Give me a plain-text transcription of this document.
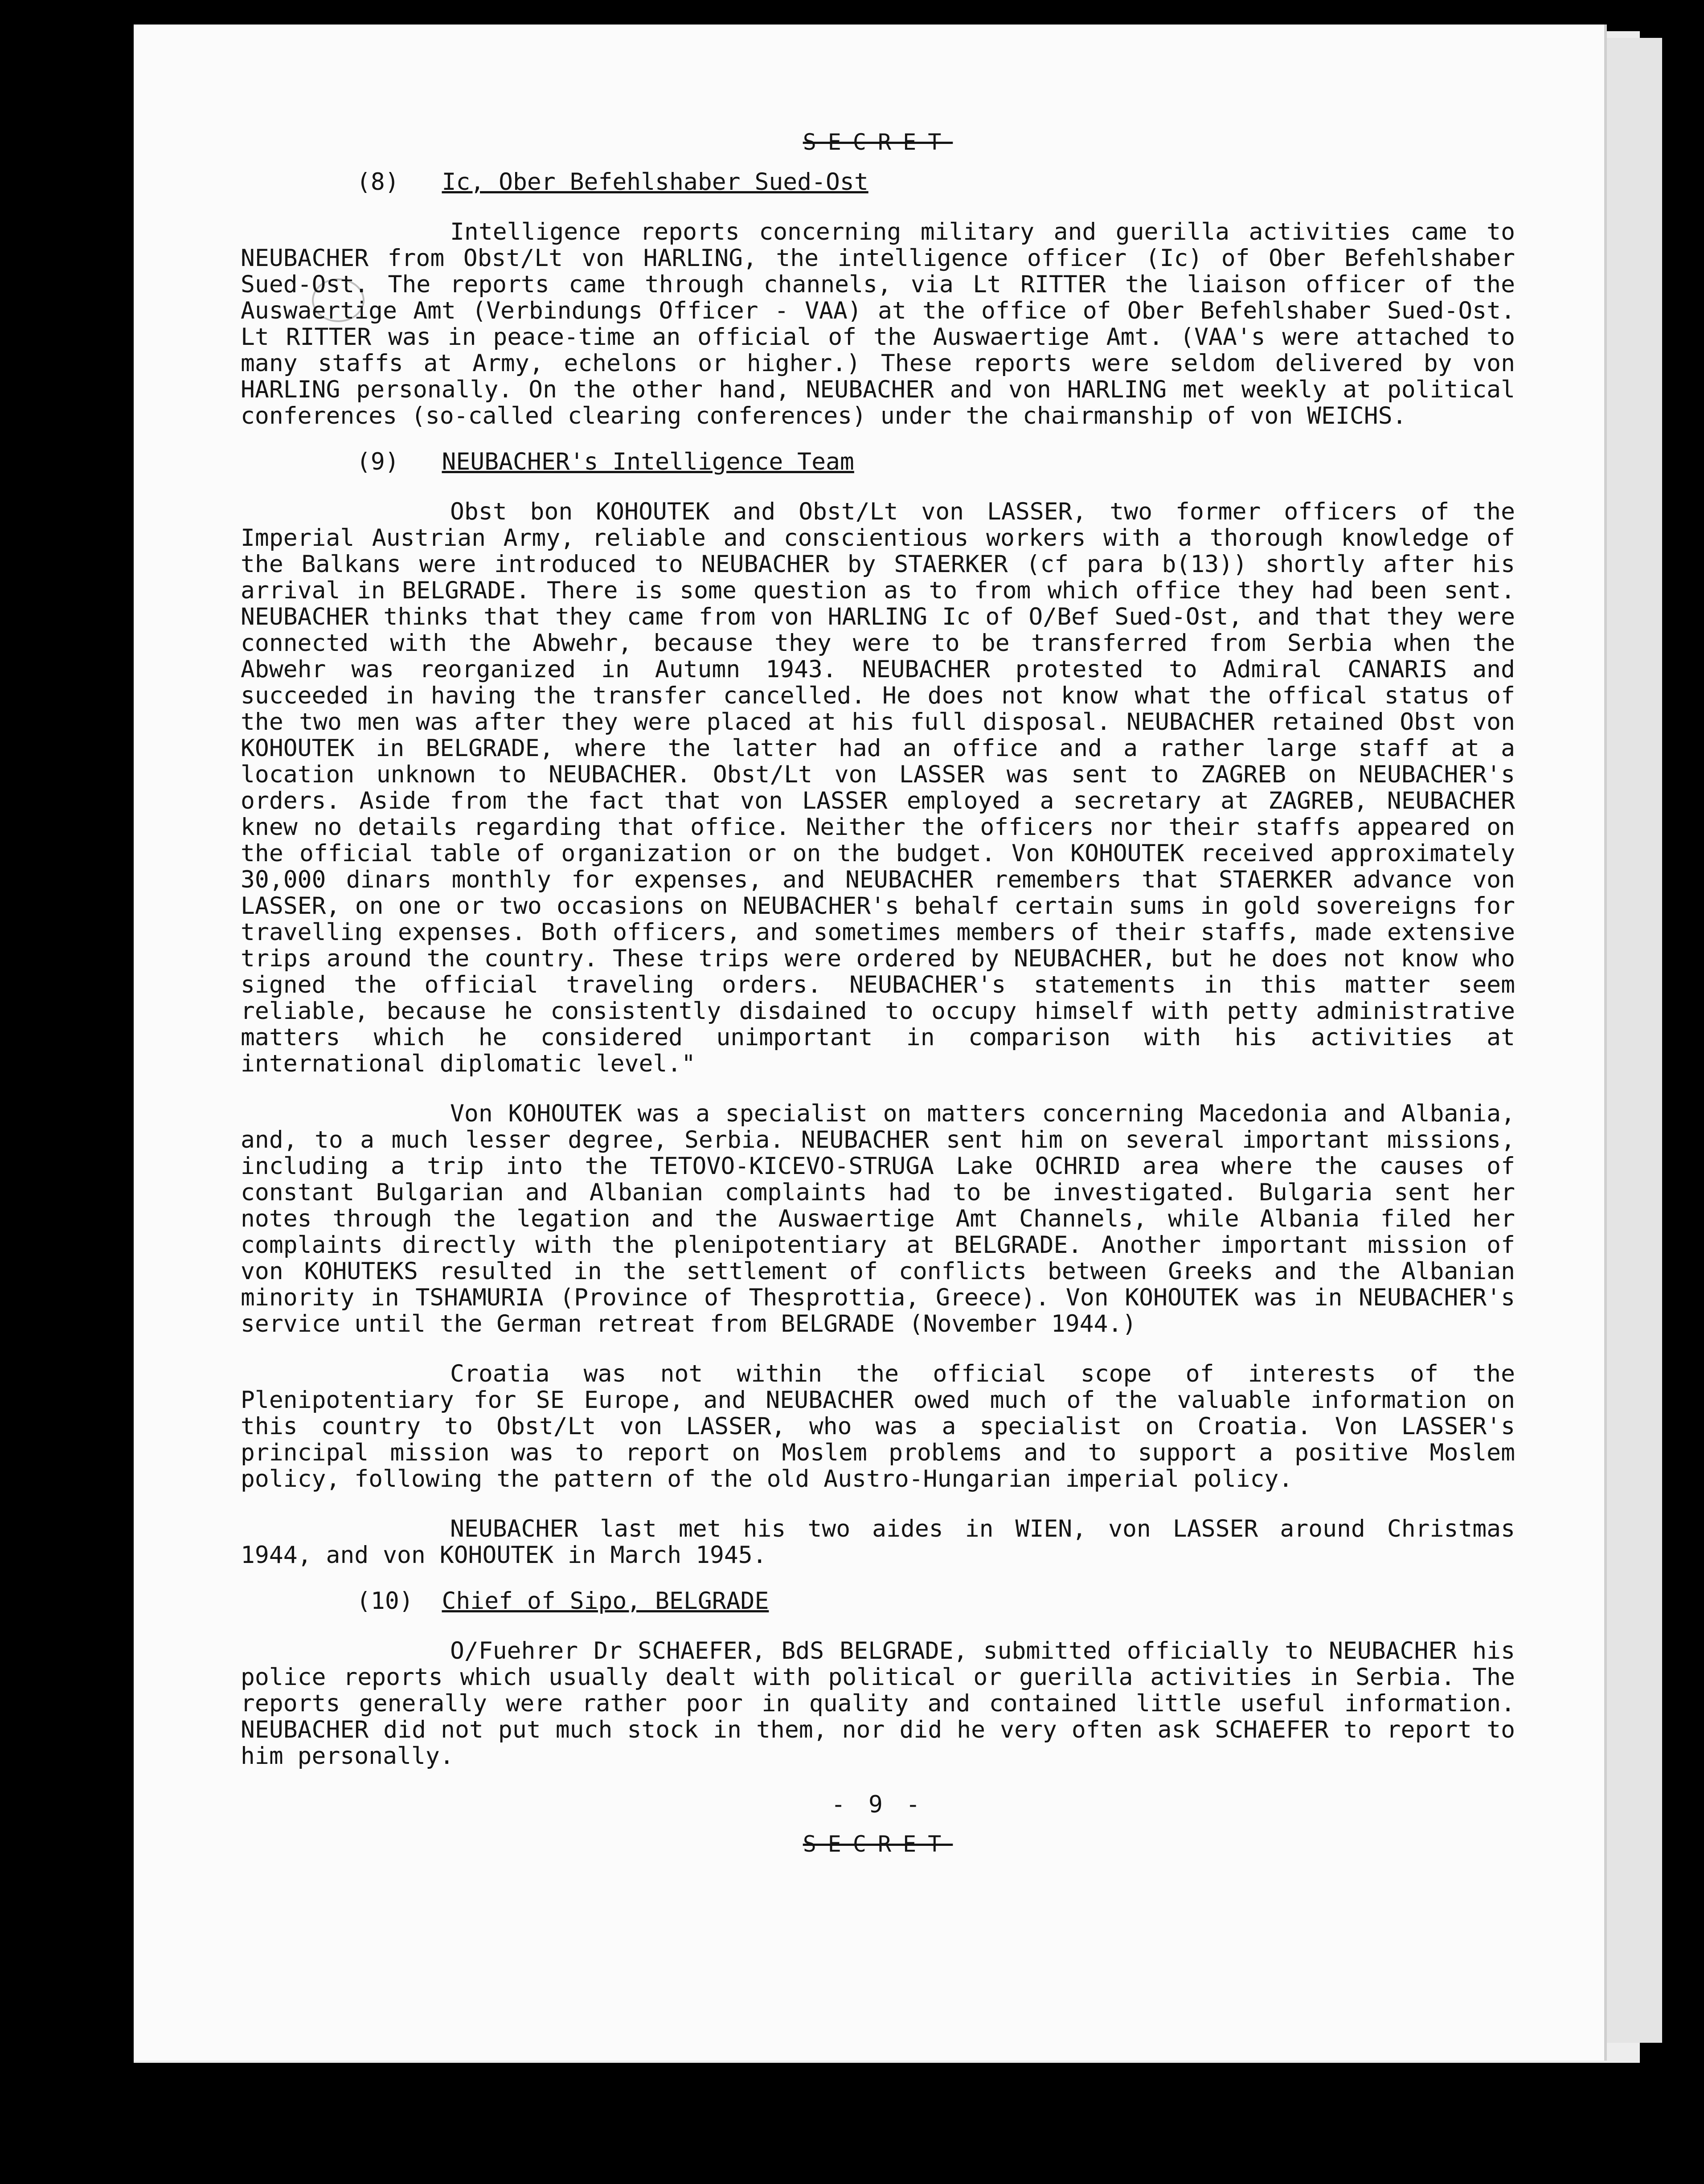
SECRET
(8) Ic, Ober Befehlshaber Sued-Ost

Intelligence reports concerning military and guerilla activities came to NEUBACHER from Obst/Lt von HARLING, the intelligence officer (Ic) of Ober Befehlshaber Sued-Ost. The reports came through channels, via Lt RITTER the liaison officer of the Auswaertige Amt (Verbindungs Officer - VAA) at the office of Ober Befehlshaber Sued-Ost. Lt RITTER was in peace-time an official of the Auswaertige Amt. (VAA's were attached to many staffs at Army, echelons or higher.) These reports were seldom delivered by von HARLING personally. On the other hand, NEUBACHER and von HARLING met weekly at political conferences (so-called clearing conferences) under the chairmanship of von WEICHS.

(9) NEUBACHER's Intelligence Team

Obst bon KOHOUTEK and Obst/Lt von LASSER, two former officers of the Imperial Austrian Army, reliable and conscientious workers with a thorough knowledge of the Balkans were introduced to NEUBACHER by STAERKER (cf para b(13)) shortly after his arrival in BELGRADE. There is some question as to from which office they had been sent. NEUBACHER thinks that they came from von HARLING Ic of O/Bef Sued-Ost, and that they were connected with the Abwehr, because they were to be transferred from Serbia when the Abwehr was reorganized in Autumn 1943. NEUBACHER protested to Admiral CANARIS and succeeded in having the transfer cancelled. He does not know what the offical status of the two men was after they were placed at his full disposal. NEUBACHER retained Obst von KOHOUTEK in BELGRADE, where the latter had an office and a rather large staff at a location unknown to NEUBACHER. Obst/Lt von LASSER was sent to ZAGREB on NEUBACHER's orders. Aside from the fact that von LASSER employed a secretary at ZAGREB, NEUBACHER knew no details regarding that office. Neither the officers nor their staffs appeared on the official table of organization or on the budget. Von KOHOUTEK received approximately 30,000 dinars monthly for expenses, and NEUBACHER remembers that STAERKER advance von LASSER, on one or two occasions on NEUBACHER's behalf certain sums in gold sovereigns for travelling expenses. Both officers, and sometimes members of their staffs, made extensive trips around the country. These trips were ordered by NEUBACHER, but he does not know who signed the official traveling orders. NEUBACHER's statements in this matter seem reliable, because he consistently disdained to occupy himself with petty administrative matters which he considered unimportant in comparison with his activities at international diplomatic level."

Von KOHOUTEK was a specialist on matters concerning Macedonia and Albania, and, to a much lesser degree, Serbia. NEUBACHER sent him on several important missions, including a trip into the TETOVO-KICEVO-STRUGA Lake OCHRID area where the causes of constant Bulgarian and Albanian complaints had to be investigated. Bulgaria sent her notes through the legation and the Auswaertige Amt Channels, while Albania filed her complaints directly with the plenipotentiary at BELGRADE. Another important mission of von KOHUTEKS resulted in the settlement of conflicts between Greeks and the Albanian minority in TSHAMURIA (Province of Thesprottia, Greece). Von KOHOUTEK was in NEUBACHER's service until the German retreat from BELGRADE (November 1944.)

Croatia was not within the official scope of interests of the Plenipotentiary for SE Europe, and NEUBACHER owed much of the valuable information on this country to Obst/Lt von LASSER, who was a specialist on Croatia. Von LASSER's principal mission was to report on Moslem problems and to support a positive Moslem policy, following the pattern of the old Austro-Hungarian imperial policy.

NEUBACHER last met his two aides in WIEN, von LASSER around Christmas 1944, and von KOHOUTEK in March 1945.

(10) Chief of Sipo, BELGRADE

O/Fuehrer Dr SCHAEFER, BdS BELGRADE, submitted officially to NEUBACHER his police reports which usually dealt with political or guerilla activities in Serbia. The reports generally were rather poor in quality and contained little useful information. NEUBACHER did not put much stock in them, nor did he very often ask SCHAEFER to report to him personally.

- 9 -
SECRET
